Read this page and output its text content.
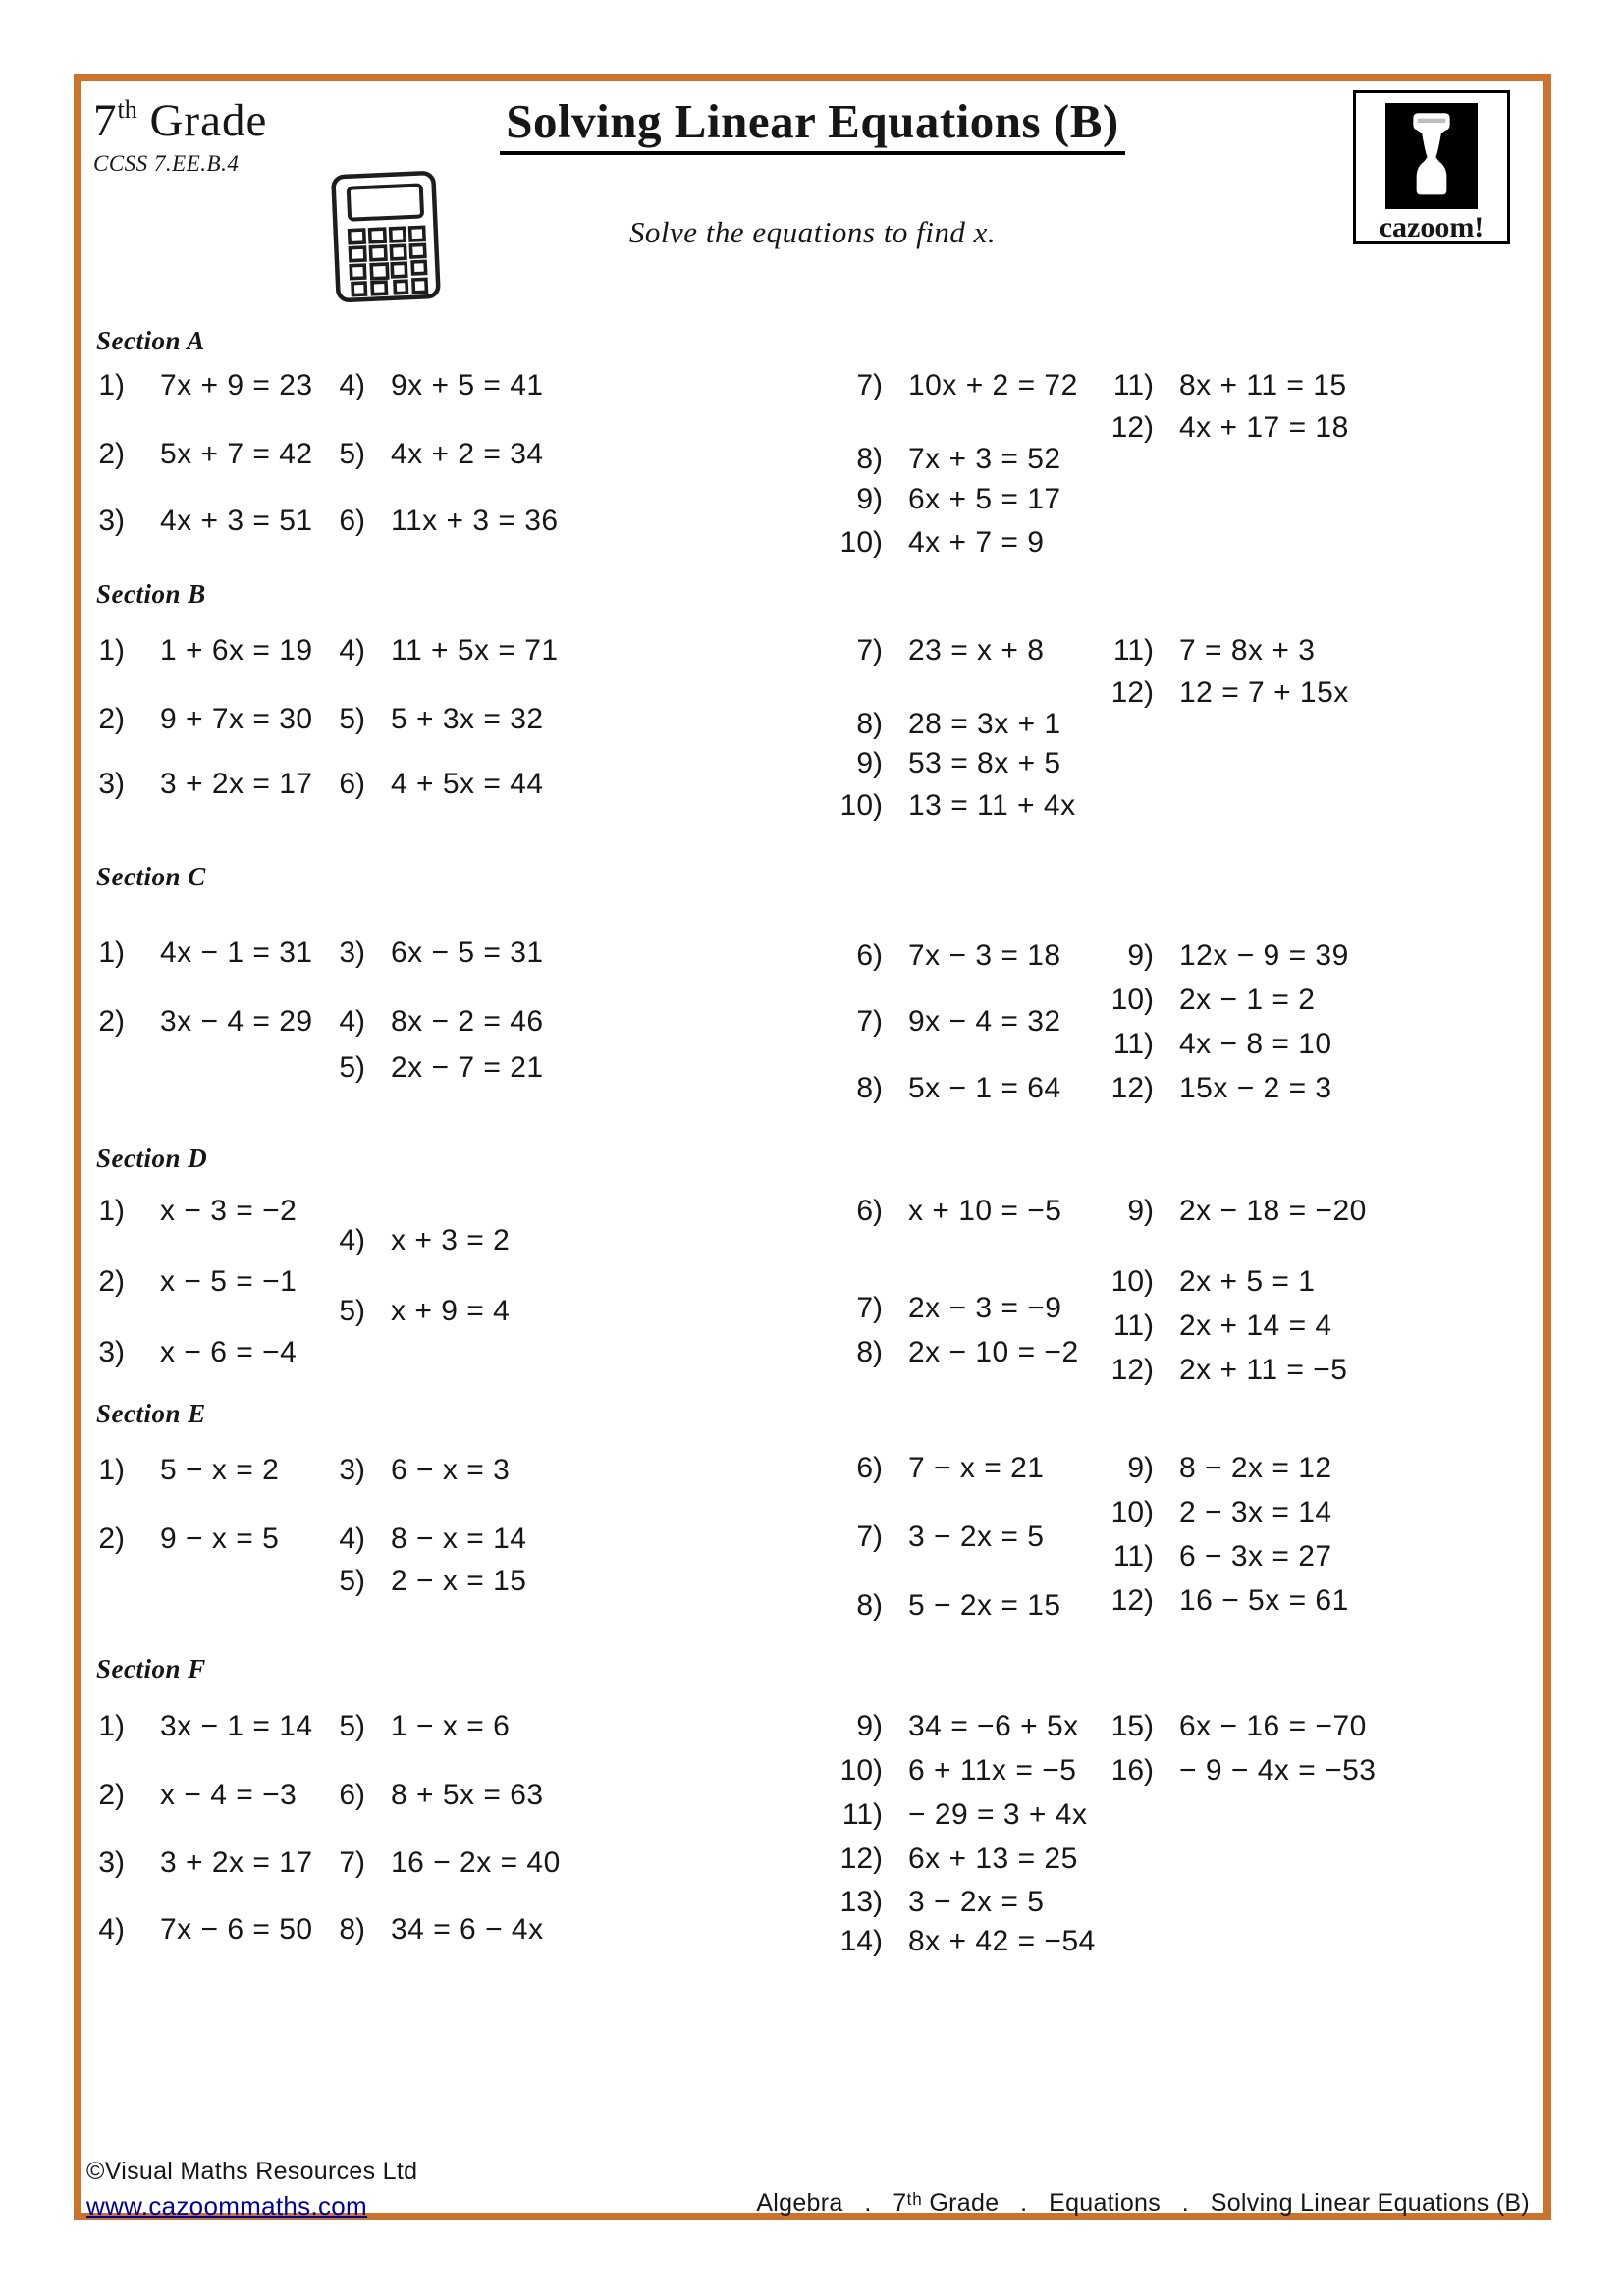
7th Grade
CCSS 7.EE.B.4
Solving Linear Equations (B)
Solve the equations to find x.	cazoom!
Section A
1) 7x + 9 = 23
2) 5x + 7 = 42
3) 4x + 3 = 51
4) 9x + 5 = 41
5) 4x + 2 = 34
6) 11x + 3 = 36
7) 10x + 2 = 72
8) 7x + 3 = 52
9) 6x + 5 = 17
10) 4x + 7 = 9
11) 8x + 11 = 15
12) 4x + 17 = 18
Section B
1) 1 + 6x = 19
2) 9 + 7x = 30
3) 3 + 2x = 17
4) 11 + 5x = 71
5) 5 + 3x = 32
6) 4 + 5x = 44
7) 23 = x + 8
8) 28 = 3x + 1
9) 53 = 8x + 5
10) 13 = 11 + 4x
11) 7 = 8x + 3
12) 12 = 7 + 15x
Section C
1) 4x − 1 = 31
2) 3x − 4 = 29
3) 6x − 5 = 31
4) 8x − 2 = 46
5) 2x − 7 = 21
6) 7x − 3 = 18
7) 9x − 4 = 32
8) 5x − 1 = 64
9) 12x − 9 = 39
10) 2x − 1 = 2
11) 4x − 8 = 10
12) 15x − 2 = 3
Section D
1) x − 3 = −2
2) x − 5 = −1
3) x − 6 = −4
4) x + 3 = 2
5) x + 9 = 4
6) x + 10 = −5
7) 2x − 3 = −9
8) 2x − 10 = −2
9) 2x − 18 = −20
10) 2x + 5 = 1
11) 2x + 14 = 4
12) 2x + 11 = −5
Section E
1) 5 − x = 2
2) 9 − x = 5
3) 6 − x = 3
4) 8 − x = 14
5) 2 − x = 15
6) 7 − x = 21
7) 3 − 2x = 5
8) 5 − 2x = 15
9) 8 − 2x = 12
10) 2 − 3x = 14
11) 6 − 3x = 27
12) 16 − 5x = 61
Section F
1) 3x − 1 = 14
2) x − 4 = −3
3) 3 + 2x = 17
4) 7x − 6 = 50
5) 1 − x = 6
6) 8 + 5x = 63
7) 16 − 2x = 40
8) 34 = 6 − 4x
9) 34 = −6 + 5x
10) 6 + 11x = −5
11) − 29 = 3 + 4x
12) 6x + 13 = 25
13) 3 − 2x = 5
14) 8x + 42 = −54
15) 6x − 16 = −70
16) − 9 − 4x = −53
©Visual Maths Resources Ltd
www.cazoommaths.com	Algebra   .   7ᵗʰ Grade   .   Equations   .   Solving Linear Equations (B)
